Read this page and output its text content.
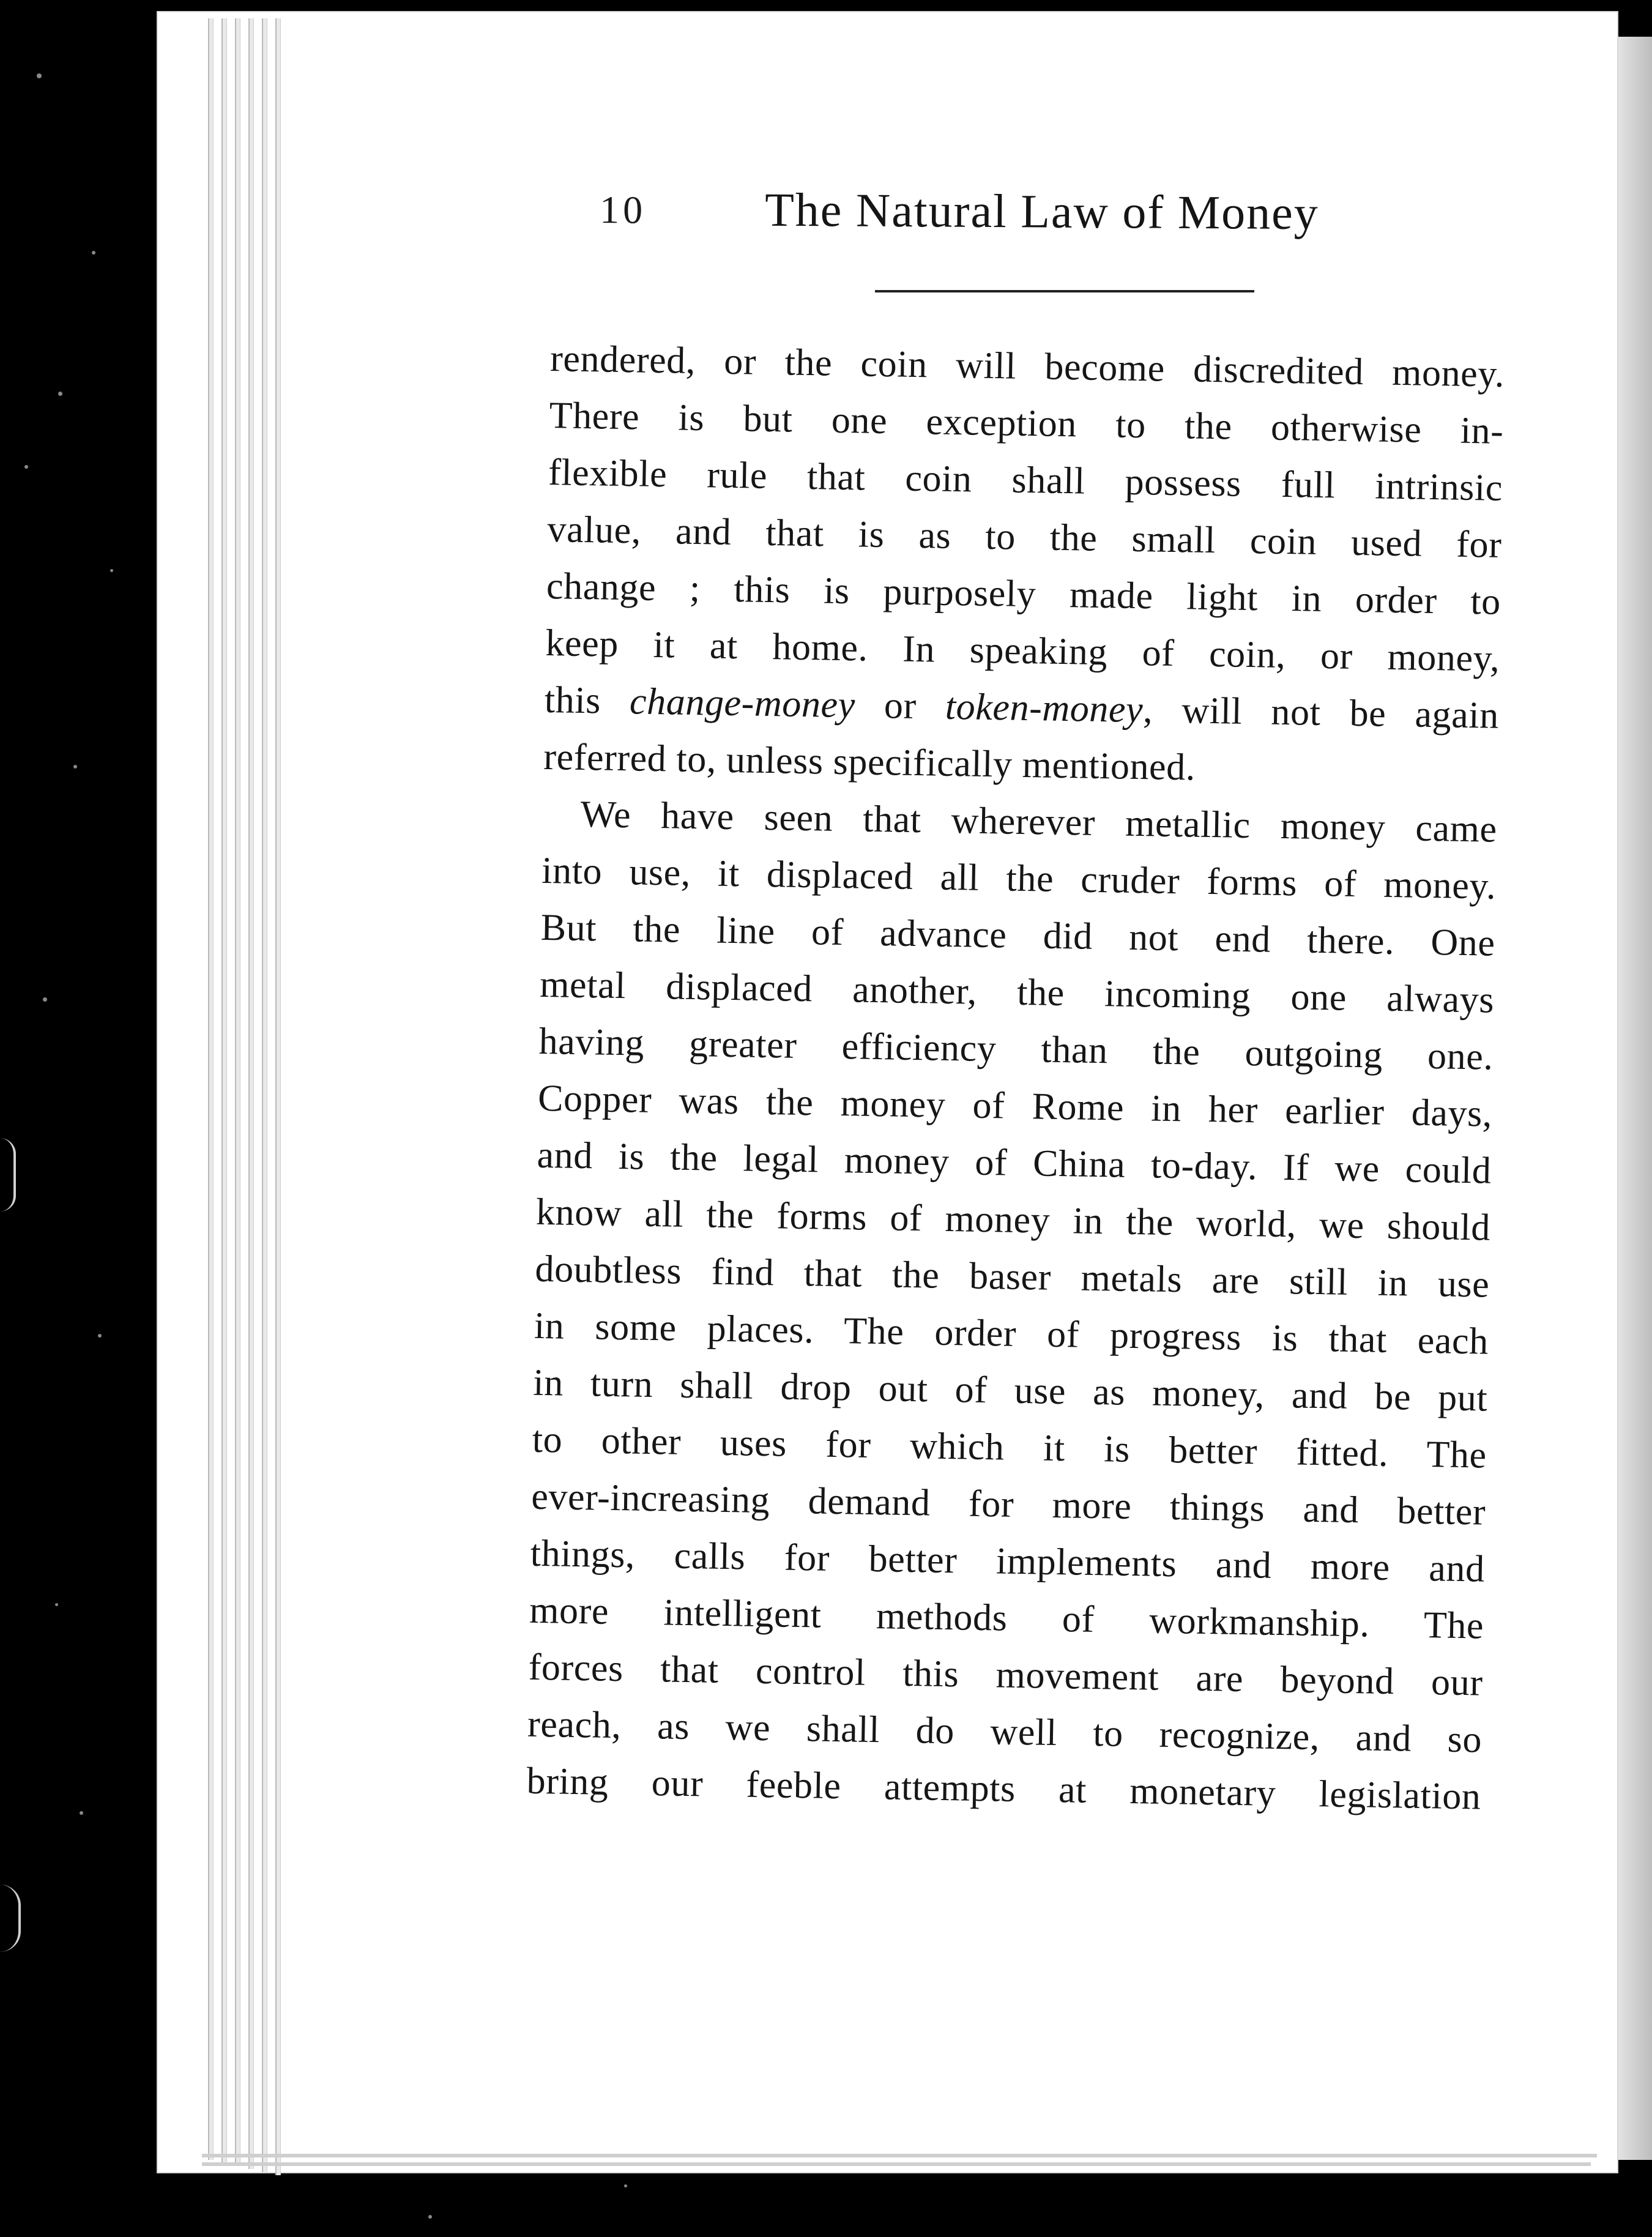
10 The Natural Law of Money
rendered, or the coin will become discredited money.
There is but one exception to the otherwise in-
flexible rule that coin shall possess full intrinsic
value, and that is as to the small coin used for
change ; this is purposely made light in order to
keep it at home. In speaking of coin, or money,
this change-money or token-money, will not be again
referred to, unless specifically mentioned.
We have seen that wherever metallic money came
into use, it displaced all the cruder forms of money.
But the line of advance did not end there. One
metal displaced another, the incoming one always
having greater efficiency than the outgoing one.
Copper was the money of Rome in her earlier days,
and is the legal money of China to-day. If we could
know all the forms of money in the world, we should
doubtless find that the baser metals are still in use
in some places. The order of progress is that each
in turn shall drop out of use as money, and be put
to other uses for which it is better fitted. The
ever-increasing demand for more things and better
things, calls for better implements and more and
more intelligent methods of workmanship. The
forces that control this movement are beyond our
reach, as we shall do well to recognize, and so
bring our feeble attempts at monetary legislation
